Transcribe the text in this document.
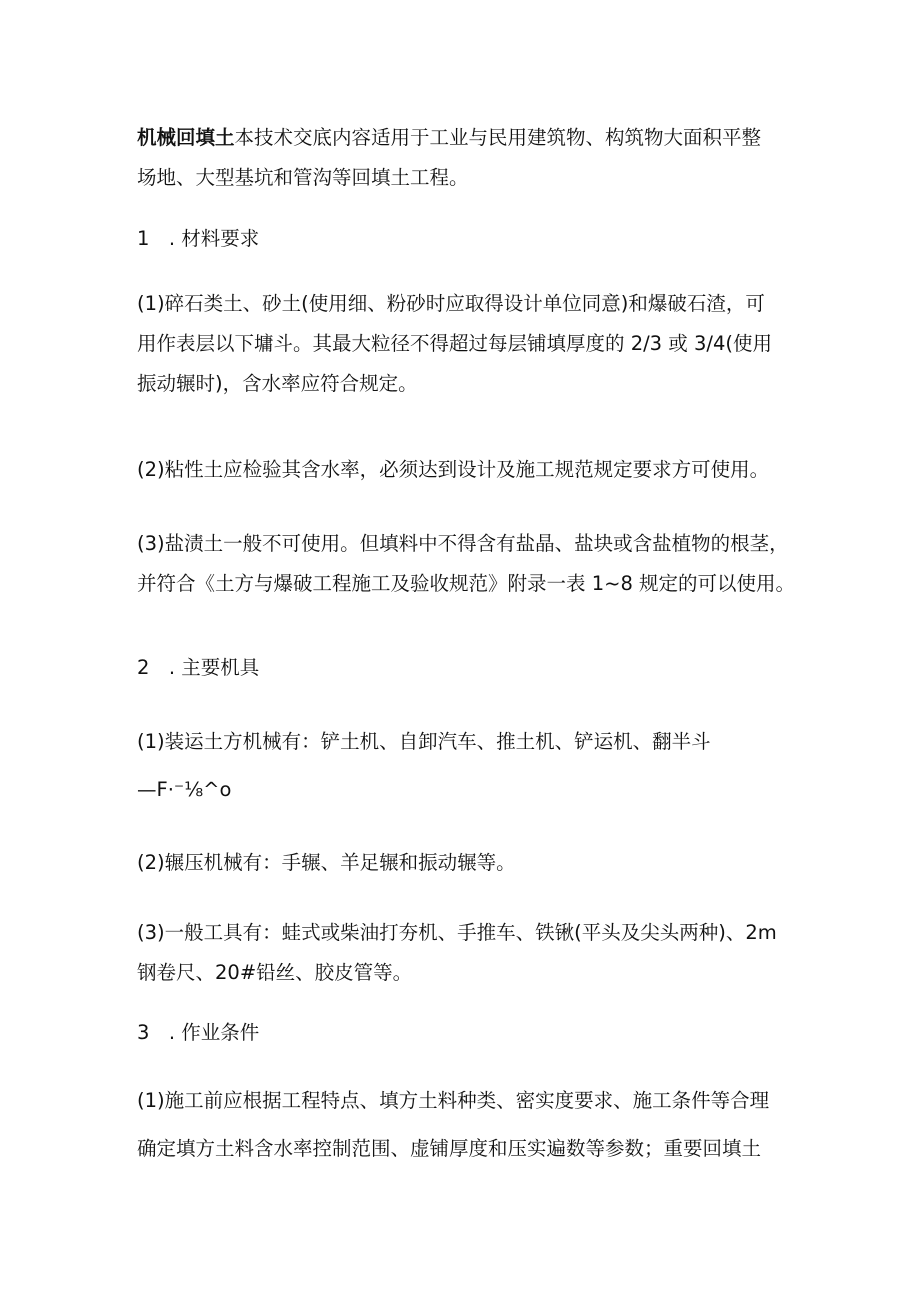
机械回填土本技术交底内容适用于工业与民用建筑物、构筑物大面积平整
场地、大型基坑和管沟等回填土工程。
1　. 材料要求
(1)碎石类土、砂土(使用细、粉砂时应取得设计单位同意)和爆破石渣，可
用作表层以下墉斗。其最大粒径不得超过每层铺填厚度的 2/3 或 3/4(使用
振动辗时)，含水率应符合规定。
(2)粘性土应检验其含水率，必须达到设计及施工规范规定要求方可使用。
(3)盐渍土一般不可使用。但填料中不得含有盐晶、盐块或含盐植物的根茎，
并符合《土方与爆破工程施工及验收规范》附录一表 1~8 规定的可以使用。
2　. 主要机具
(1)装运土方机械有：铲土机、自卸汽车、推土机、铲运机、翻半斗
—F·⁻⅛^o
(2)辗压机械有：手辗、羊足辗和振动辗等。
(3)一般工具有：蛙式或柴油打夯机、手推车、铁锹(平头及尖头两种)、2m
钢卷尺、20#铅丝、胶皮管等。
3　. 作业条件
(1)施工前应根据工程特点、填方土料种类、密实度要求、施工条件等合理
确定填方土料含水率控制范围、虚铺厚度和压实遍数等参数；重要回填土
